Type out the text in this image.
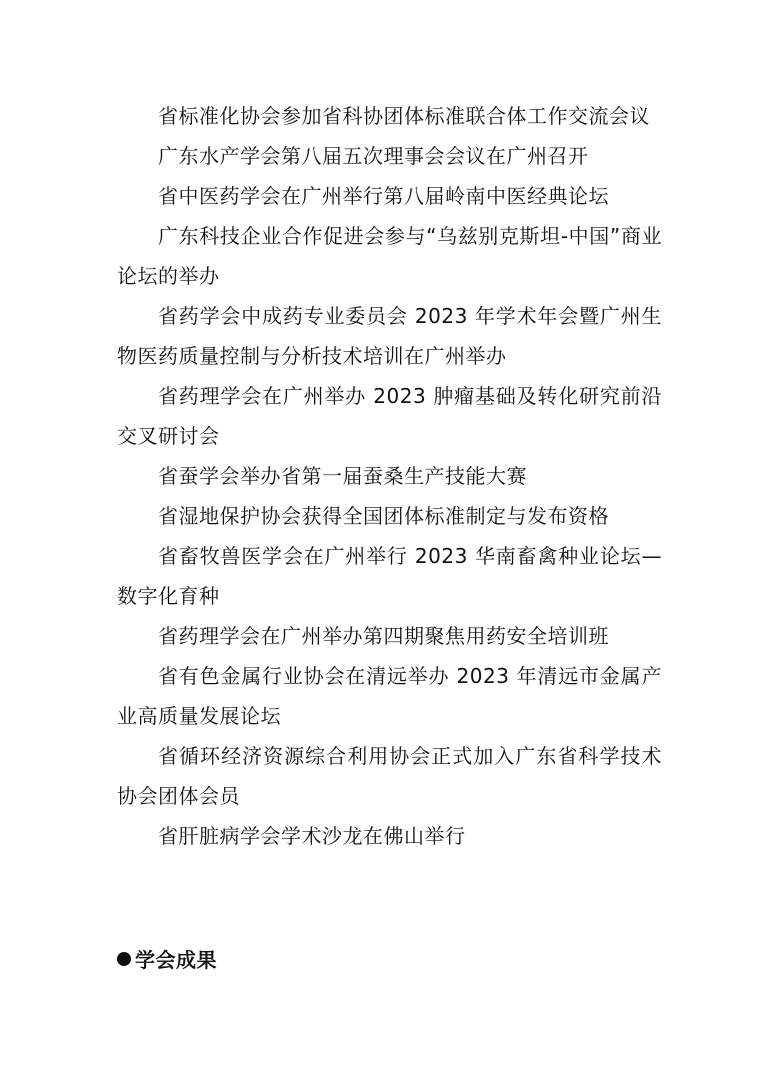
省标准化协会参加省科协团体标准联合体工作交流会议
广东水产学会第八届五次理事会会议在广州召开
省中医药学会在广州举行第八届岭南中医经典论坛
广东科技企业合作促进会参与“乌兹别克斯坦-中国”商业论坛的举办
省药学会中成药专业委员会 2023 年学术年会暨广州生物医药质量控制与分析技术培训在广州举办
省药理学会在广州举办 2023 肿瘤基础及转化研究前沿交叉研讨会
省蚕学会举办省第一届蚕桑生产技能大赛
省湿地保护协会获得全国团体标准制定与发布资格
省畜牧兽医学会在广州举行 2023 华南畜禽种业论坛—数字化育种
省药理学会在广州举办第四期聚焦用药安全培训班
省有色金属行业协会在清远举办 2023 年清远市金属产业高质量发展论坛
省循环经济资源综合利用协会正式加入广东省科学技术协会团体会员
省肝脏病学会学术沙龙在佛山举行
学会成果
